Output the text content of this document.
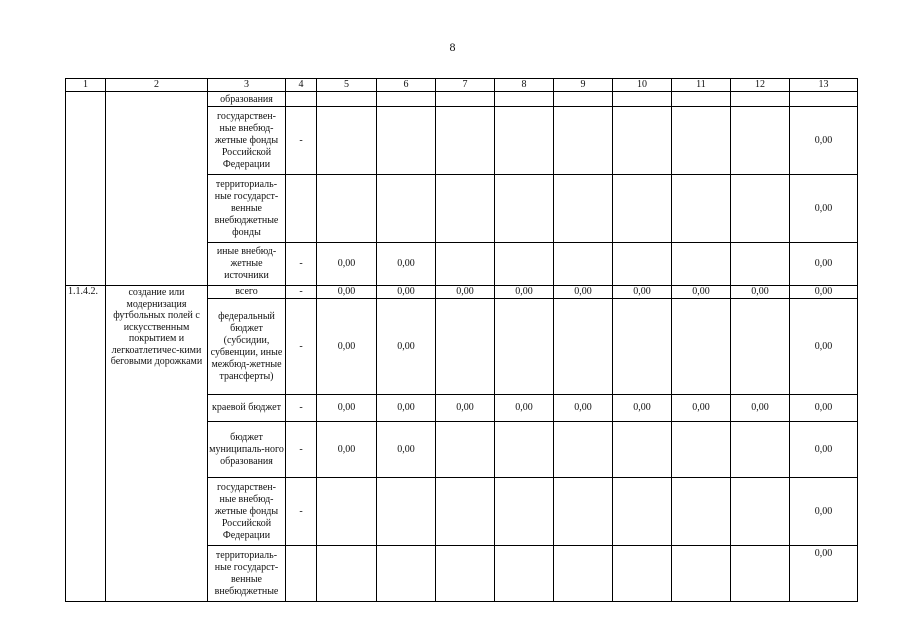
8
1	2	3	4	5	6	7	8	9	10	11	12	13
		образования										
		государствен-ные внебюд-жетные фонды Российской Федерации	-									0,00
		территориаль-ные государст-венные внебюджетные фонды										0,00
		иные внебюд-жетные источники	-	0,00	0,00							0,00
1.1.4.2.	создание или модернизация футбольных полей с искусственным покрытием и легкоатлетичес-кими беговыми дорожками	всего	-	0,00	0,00	0,00	0,00	0,00	0,00	0,00	0,00	0,00
		федеральный бюджет (субсидии, субвенции, иные межбюд-жетные трансферты)	-	0,00	0,00							0,00
		краевой бюджет	-	0,00	0,00	0,00	0,00	0,00	0,00	0,00	0,00	0,00
		бюджет муниципаль-ного образования	-	0,00	0,00							0,00
		государствен-ные внебюд-жетные фонды Российской Федерации	-									0,00
		территориаль-ные государст-венные внебюджетные										0,00
